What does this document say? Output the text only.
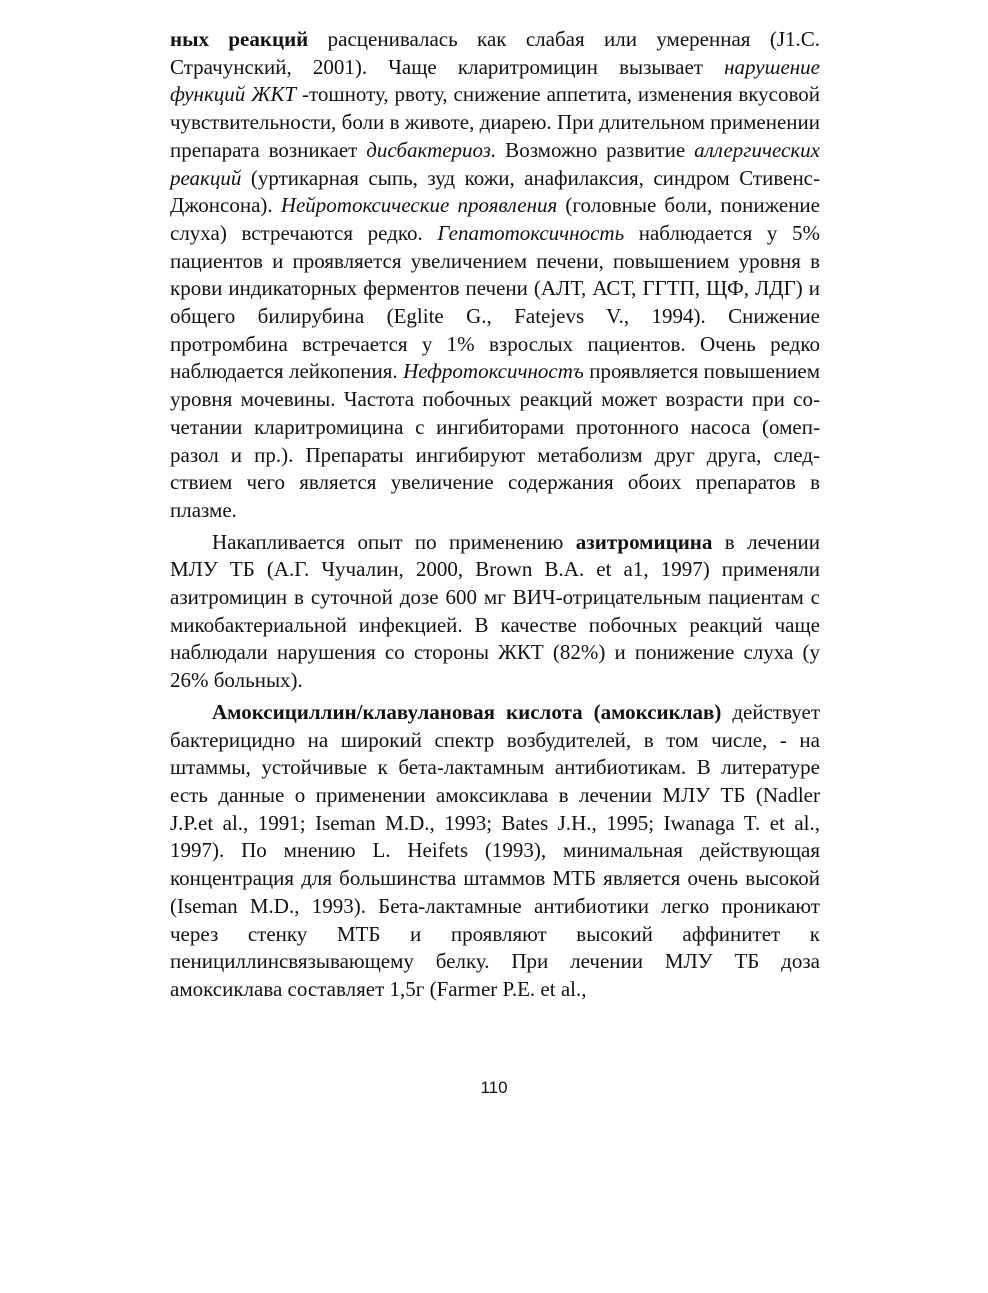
ных реакций расценивалась как слабая или умеренная (J1.C. Страчунский, 2001). Чаще кларитромицин вызывает нарушение функций ЖКТ -тошноту, рвоту, снижение аппетита, изменения вкусовой чувствительности, боли в животе, диарею. При длительном применении препарата возникает дисбактериоз. Возможно развитие аллергических реакций (уртикарная сыпь, зуд кожи, анафилаксия, синдром Стивенс-Джонсона). Нейротоксические проявления (головные боли, понижение слуха) встречаются редко. Гепатотоксичность наблюдается у 5% пациентов и проявляется увеличением печени, повышением уровня в крови индикаторных ферментов печени (АЛТ, АСТ, ГГТП, ЩФ, ЛДГ) и общего билирубина (Eglite G., Fatejevs V., 1994). Снижение протромбина встречается у 1% взрослых пациентов. Очень редко наблюдается лейкопения. Нефротоксичностъ проявляется повышением уровня мочевины. Частота побочных реакций может возрасти при сочетании кларитромицина с ингибиторами протонного насоса (омепразол и пр.). Препараты ингибируют метаболизм друг друга, следствием чего является увеличение содержания обоих препаратов в плазме.

Накапливается опыт по применению азитромицина в лечении МЛУ ТБ (А.Г. Чучалин, 2000, Brown В.А. et a1, 1997) применяли азитромицин в суточной дозе 600 мг ВИЧ-отрицательным пациентам с микобактериальной инфекцией. В качестве побочных реакций чаще наблюдали нарушения со стороны ЖКТ (82%) и понижение слуха (у 26% больных).

Амоксициллин/клавулановая кислота (амоксиклав) действует бактерицидно на широкий спектр возбудителей, в том числе, - на штаммы, устойчивые к бета-лактамным антибиотикам. В литературе есть данные о применении амоксиклава в лечении МЛУ ТБ (Nadler J.P.et al., 1991; Iseman M.D., 1993; Bates J.H., 1995; Iwanaga T. et al., 1997). По мнению L. Heifets (1993), минимальная действующая концентрация для большинства штаммов МТБ является очень высокой (Iseman M.D., 1993). Бета-лактамные антибиотики легко проникают через стенку МТБ и проявляют высокий аффинитет к пенициллинсвязывающему белку. При лечении МЛУ ТБ доза амоксиклава составляет 1,5г (Farmer P.E. et al.,

110
